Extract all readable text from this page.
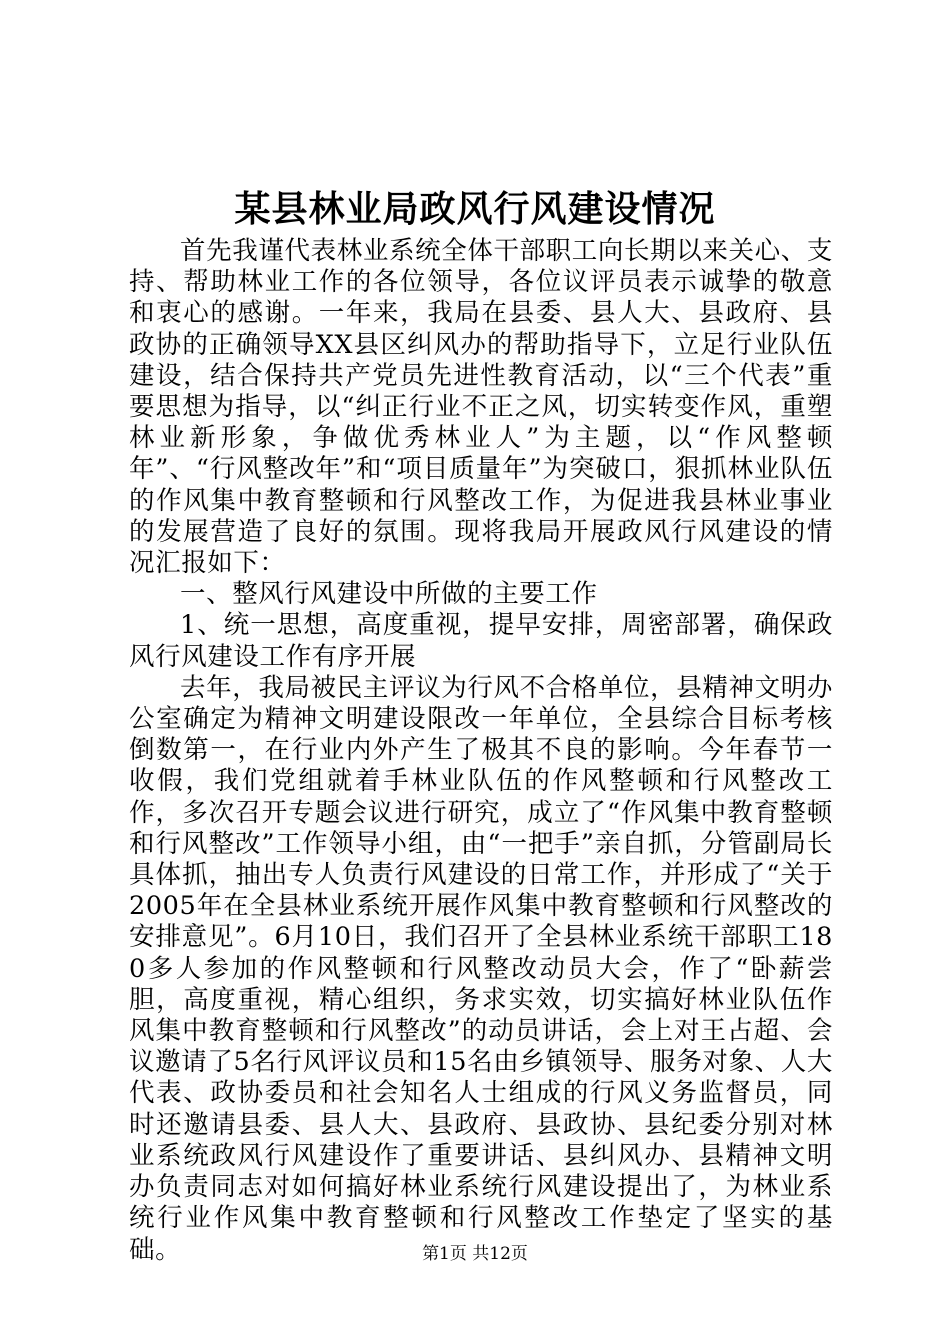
某县林业局政风行风建设情况

首先我谨代表林业系统全体干部职工向长期以来关心、支持、帮助林业工作的各位领导，各位议评员表示诚挚的敬意和衷心的感谢。一年来，我局在县委、县人大、县政府、县政协的正确领导XX县区纠风办的帮助指导下，立足行业队伍建设，结合保持共产党员先进性教育活动，以“三个代表”重要思想为指导，以“纠正行业不正之风，切实转变作风，重塑林业新形象，争做优秀林业人”为主题，以“作风整顿年”、“行风整改年”和“项目质量年”为突破口，狠抓林业队伍的作风集中教育整顿和行风整改工作，为促进我县林业事业的发展营造了良好的氛围。现将我局开展政风行风建设的情况汇报如下：

一、整风行风建设中所做的主要工作

1、统一思想，高度重视，提早安排，周密部署，确保政风行风建设工作有序开展

去年，我局被民主评议为行风不合格单位，县精神文明办公室确定为精神文明建设限改一年单位，全县综合目标考核倒数第一，在行业内外产生了极其不良的影响。今年春节一收假，我们党组就着手林业队伍的作风整顿和行风整改工作，多次召开专题会议进行研究，成立了“作风集中教育整顿和行风整改”工作领导小组，由“一把手”亲自抓，分管副局长具体抓，抽出专人负责行风建设的日常工作，并形成了“关于2005年在全县林业系统开展作风集中教育整顿和行风整改的安排意见”。6月10日，我们召开了全县林业系统干部职工180多人参加的作风整顿和行风整改动员大会，作了“卧薪尝胆，高度重视，精心组织，务求实效，切实搞好林业队伍作风集中教育整顿和行风整改”的动员讲话，会上对王占超、会议邀请了5名行风评议员和15名由乡镇领导、服务对象、人大代表、政协委员和社会知名人士组成的行风义务监督员，同时还邀请县委、县人大、县政府、县政协、县纪委分别对林业系统政风行风建设作了重要讲话、县纠风办、县精神文明办负责同志对如何搞好林业系统行风建设提出了，为林业系统行业作风集中教育整顿和行风整改工作垫定了坚实的基础。	第1页 共12页
